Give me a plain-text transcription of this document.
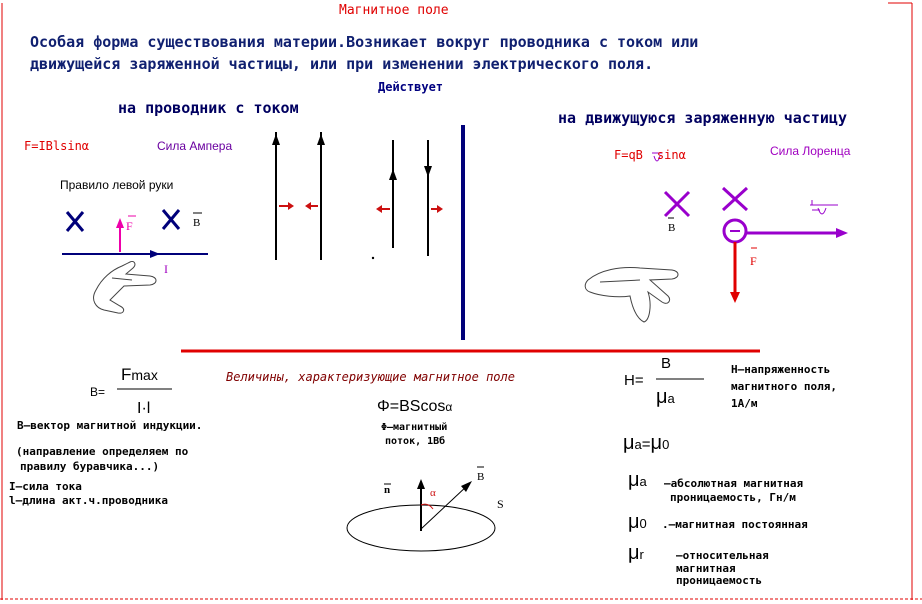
Магнитное поле
Особая форма существования материи.Возникает вокруг проводника с током или
движущейся заряженной частицы, или при изменении электрического поля.
Действует
на проводник с током
F=IBlsinα	Сила Ампера
Правило левой руки
F	B
I
на движущуюся заряженную частицу
F=qB sinα	Сила Лоренца
B
F
Величины, характеризующие магнитное поле
B=
Fmax
I·l
B–вектор магнитной индукции.
(направление определяем по
правилу буравчика...)
I–сила тока
l–длина акт.ч.проводника
Φ=BScosα
Φ–магнитный
поток, 1Вб
n	α
B
S
H=
B
μa
H–напряженность
магнитного поля,
1А/м
μa=μ0
μa –абсолютная магнитная
проницаемость, Гн/м
μ0 .–магнитная постоянная
μr	–относительная
магнитная
проницаемость
